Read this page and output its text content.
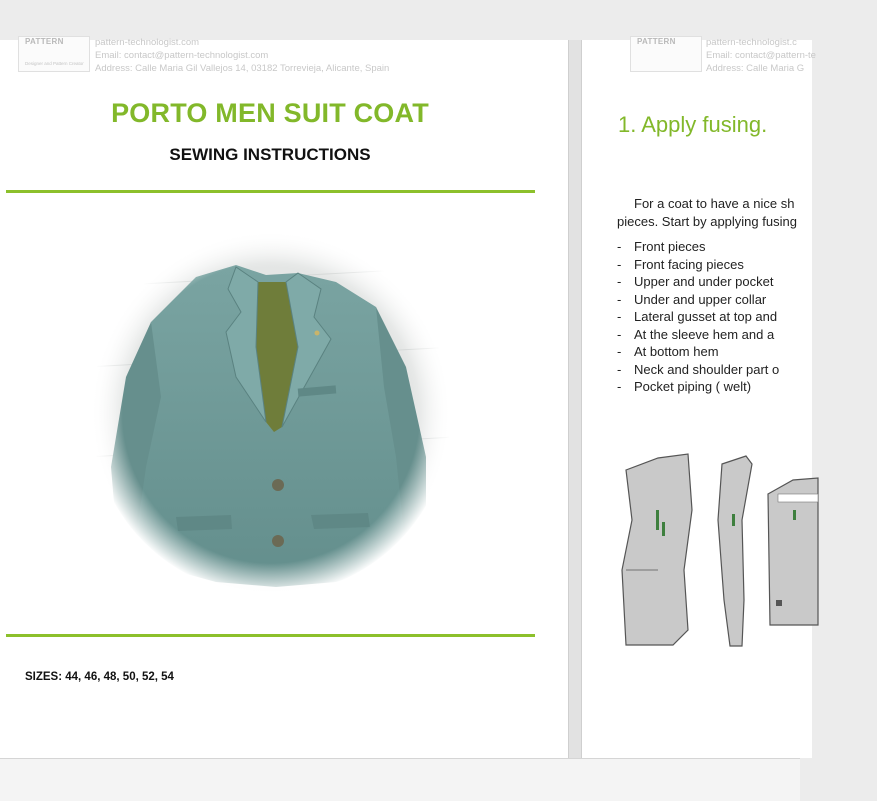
PATTERN
Designer and Pattern Creator
pattern-technologist.com
Email: contact@pattern-technologist.com
Address: Calle Maria Gil Vallejos 14, 03182 Torrevieja, Alicante, Spain
PORTO MEN SUIT COAT
SEWING INSTRUCTIONS
SIZES: 44, 46, 48, 50, 52, 54
PATTERN	pattern-technologist.c
Email: contact@pattern-te
Address: Calle Maria G
1. Apply fusing.
For a coat to have a nice sh
pieces. Start by applying fusing
- Front pieces
- Front facing pieces
- Upper and under pocket
- Under and upper collar
- Lateral gusset at top and
- At the sleeve hem and a
- At bottom hem
- Neck and shoulder part o
- Pocket piping ( welt)
